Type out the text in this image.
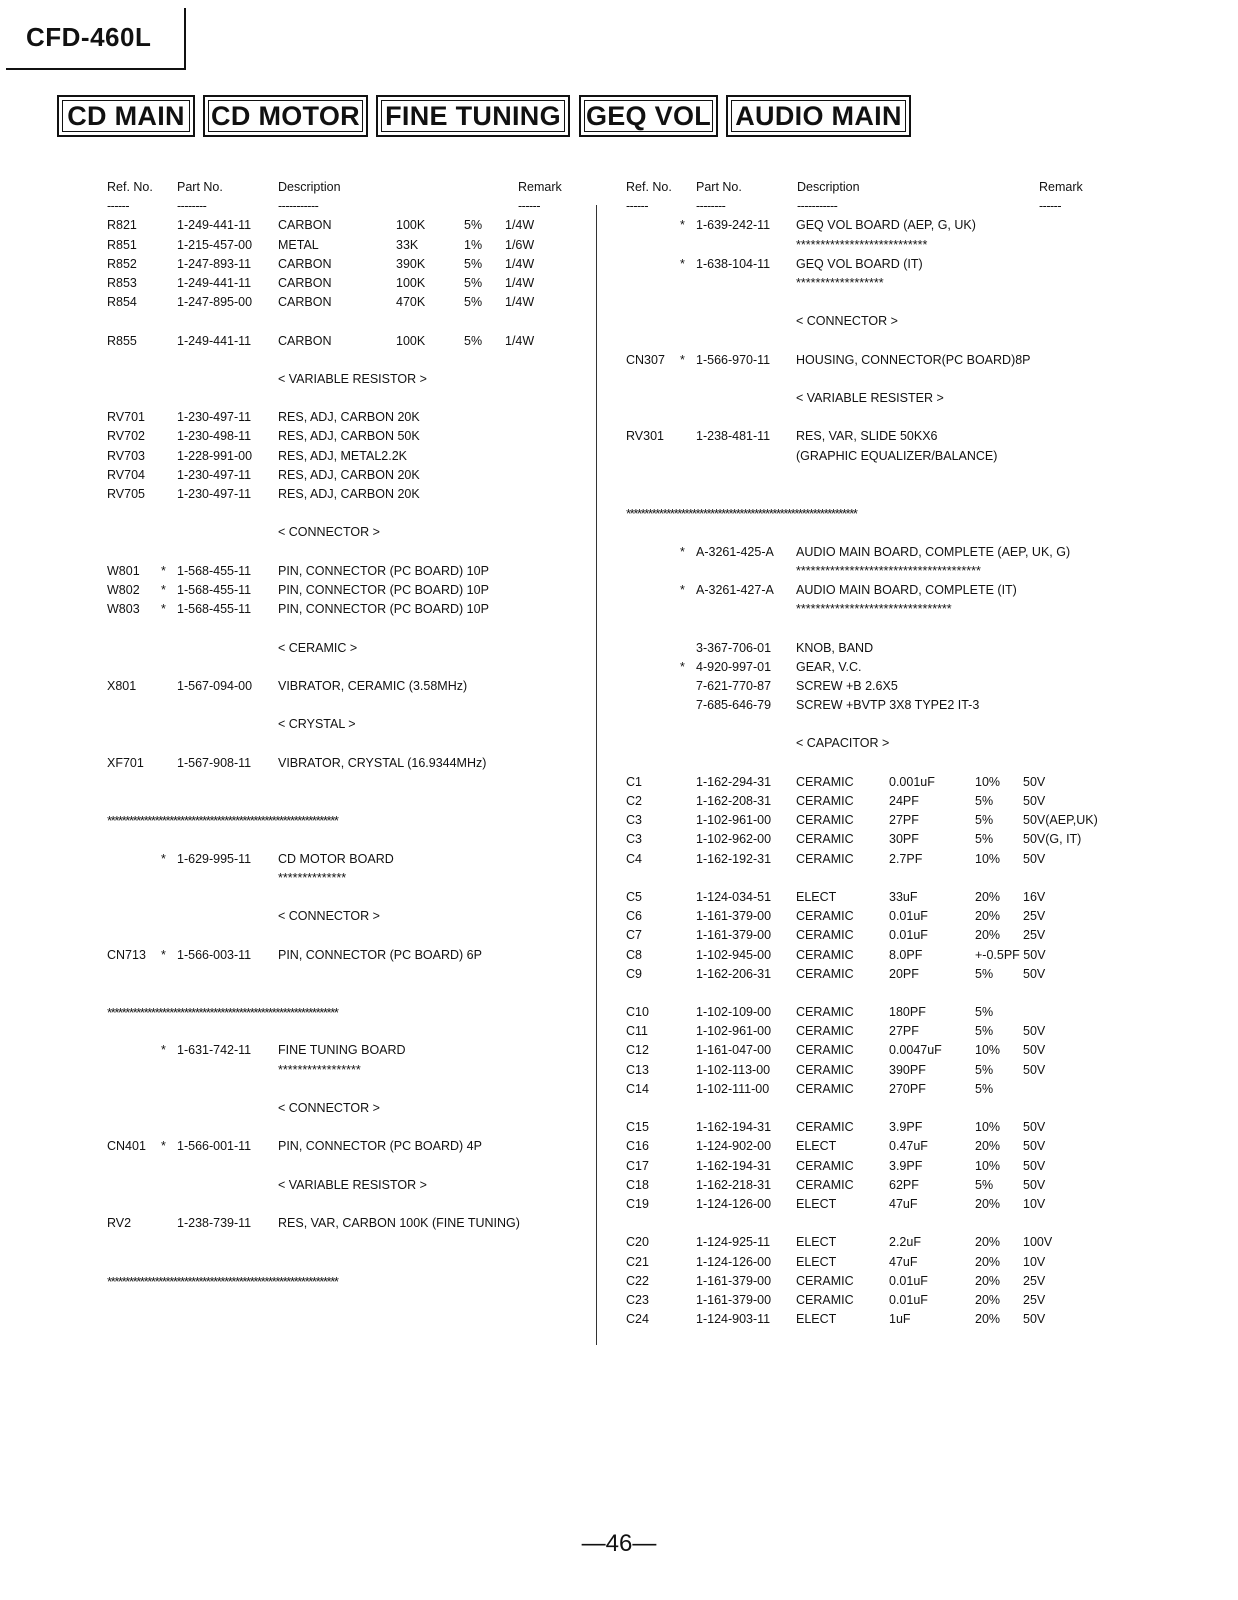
CFD-460L
CD MAIN CD MOTOR FINE TUNING GEQ VOL AUDIO MAIN
Ref. No. Part No.	Description	Remark
------	--------	-----------	------
R821	1-249-441-11 CARBON	100K	5% 1/4W
R851	1-215-457-00 METAL	33K	1% 1/6W
R852	1-247-893-11 CARBON	390K	5% 1/4W
R853	1-249-441-11 CARBON	100K	5% 1/4W
R854	1-247-895-00 CARBON	470K	5% 1/4W
R855	1-249-441-11 CARBON	100K	5% 1/4W
< VARIABLE RESISTOR >
RV701	1-230-497-11 RES, ADJ, CARBON 20K
RV702	1-230-498-11 RES, ADJ, CARBON 50K
RV703	1-228-991-00 RES, ADJ, METAL2.2K
RV704	1-230-497-11 RES, ADJ, CARBON 20K
RV705	1-230-497-11 RES, ADJ, CARBON 20K
< CONNECTOR >
W801 * 1-568-455-11 PIN, CONNECTOR (PC BOARD) 10P
W802 * 1-568-455-11 PIN, CONNECTOR (PC BOARD) 10P
W803 * 1-568-455-11 PIN, CONNECTOR (PC BOARD) 10P
< CERAMIC >
X801	1-567-094-00 VIBRATOR, CERAMIC (3.58MHz)
< CRYSTAL >
XF701	1-567-908-11 VIBRATOR, CRYSTAL (16.9344MHz)
***************************************************************
* 1-629-995-11 CD MOTOR BOARD
**************
< CONNECTOR >
CN713 * 1-566-003-11 PIN, CONNECTOR (PC BOARD) 6P
***************************************************************
* 1-631-742-11 FINE TUNING BOARD
*****************
< CONNECTOR >
CN401 * 1-566-001-11 PIN, CONNECTOR (PC BOARD) 4P
< VARIABLE RESISTOR >
RV2	1-238-739-11 RES, VAR, CARBON 100K (FINE TUNING)
***************************************************************
Ref. No. Part No.	Description	Remark
------	--------	-----------	------
* 1-639-242-11 GEQ VOL BOARD (AEP, G, UK)
***************************
* 1-638-104-11 GEQ VOL BOARD (IT)
******************
< CONNECTOR >
CN307 * 1-566-970-11 HOUSING, CONNECTOR(PC BOARD)8P
< VARIABLE RESISTER >
RV301	1-238-481-11 RES, VAR, SLIDE 50KX6
(GRAPHIC EQUALIZER/BALANCE)
***************************************************************
* A-3261-425-A AUDIO MAIN BOARD, COMPLETE (AEP, UK, G)
**************************************
* A-3261-427-A AUDIO MAIN BOARD, COMPLETE (IT)
********************************
3-367-706-01 KNOB, BAND
* 4-920-997-01 GEAR, V.C.
7-621-770-87 SCREW +B 2.6X5
7-685-646-79 SCREW +BVTP 3X8 TYPE2 IT-3
< CAPACITOR >
C1	1-162-294-31 CERAMIC	0.001uF	10% 50V
C2	1-162-208-31 CERAMIC	24PF	5% 50V
C3	1-102-961-00 CERAMIC	27PF	5% 50V(AEP,UK)
C3	1-102-962-00 CERAMIC	30PF	5% 50V(G, IT)
C4	1-162-192-31 CERAMIC	2.7PF	10% 50V
C5	1-124-034-51 ELECT	33uF	20% 16V
C6	1-161-379-00 CERAMIC	0.01uF	20% 25V
C7	1-161-379-00 CERAMIC	0.01uF	20% 25V
C8	1-102-945-00 CERAMIC	8.0PF	+-0.5PF 50V
C9	1-162-206-31 CERAMIC	20PF	5% 50V
C10	1-102-109-00 CERAMIC	180PF	5%
C11	1-102-961-00 CERAMIC	27PF	5% 50V
C12	1-161-047-00 CERAMIC	0.0047uF	10% 50V
C13	1-102-113-00 CERAMIC	390PF	5% 50V
C14	1-102-111-00 CERAMIC	270PF	5%
C15	1-162-194-31 CERAMIC	3.9PF	10% 50V
C16	1-124-902-00 ELECT	0.47uF	20% 50V
C17	1-162-194-31 CERAMIC	3.9PF	10% 50V
C18	1-162-218-31 CERAMIC	62PF	5% 50V
C19	1-124-126-00 ELECT	47uF	20% 10V
C20	1-124-925-11 ELECT	2.2uF	20% 100V
C21	1-124-126-00 ELECT	47uF	20% 10V
C22	1-161-379-00 CERAMIC	0.01uF	20% 25V
C23	1-161-379-00 CERAMIC	0.01uF	20% 25V
C24	1-124-903-11 ELECT	1uF	20% 50V
—46—
